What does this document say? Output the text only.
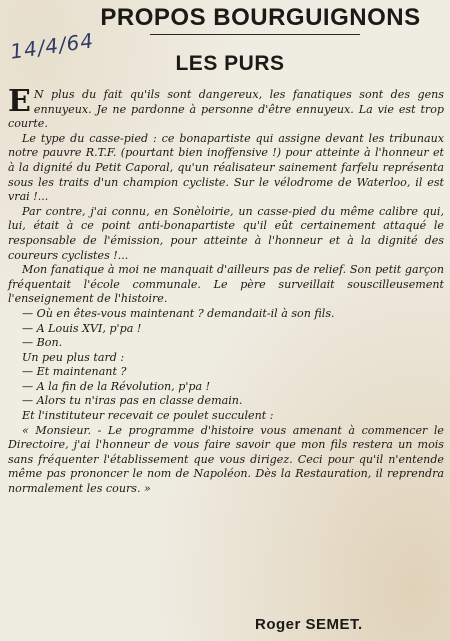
14/4/64
PROPOS BOURGUIGNONS
LES PURS

E N plus du fait qu'ils sont dangereux, les fanatiques sont des gens ennuyeux. Je ne pardonne à personne d'être ennuyeux. La vie est trop courte.

Le type du casse-pied : ce bonapartiste qui assigne devant les tribunaux notre pauvre R.T.F. (pourtant bien inoffensive !) pour atteinte à l'honneur et à la dignité du Petit Caporal, qu'un réalisateur sainement farfelu représenta sous les traits d'un champion cycliste. Sur le vélodrome de Waterloo, il est vrai !...

Par contre, j'ai connu, en Sonèloirie, un casse-pied du même calibre qui, lui, était à ce point anti-bonapartiste qu'il eût certainement attaqué le responsable de l'émission, pour atteinte à l'honneur et à la dignité des coureurs cyclistes !...

Mon fanatique à moi ne manquait d'ailleurs pas de relief. Son petit garçon fréquentait l'école communale. Le père surveillait souscilleusement l'enseignement de l'histoire.

— Où en êtes-vous maintenant ? demandait-il à son fils.

— A Louis XVI, p'pa !

— Bon.

Un peu plus tard :

— Et maintenant ?

— A la fin de la Révolution, p'pa !

— Alors tu n'iras pas en classe demain.

Et l'instituteur recevait ce poulet succulent :

« Monsieur. - Le programme d'histoire vous amenant à commencer le Directoire, j'ai l'honneur de vous faire savoir que mon fils restera un mois sans fréquenter l'établissement que vous dirigez. Ceci pour qu'il n'entende même pas prononcer le nom de Napoléon. Dès la Restauration, il reprendra normalement les cours. »

Roger SEMET.
